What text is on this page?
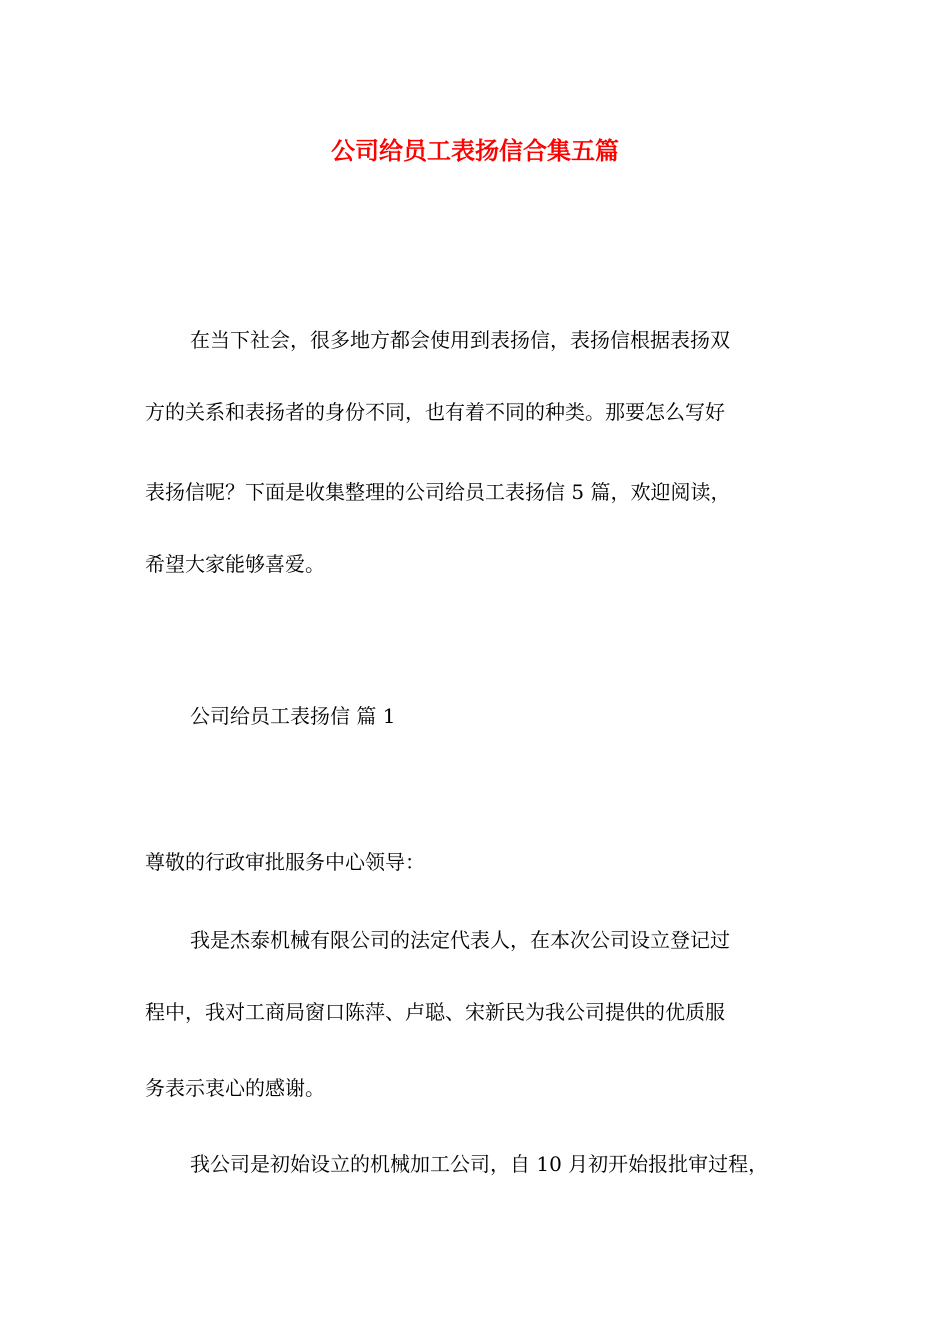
公司给员工表扬信合集五篇

在当下社会，很多地方都会使用到表扬信，表扬信根据表扬双

方的关系和表扬者的身份不同，也有着不同的种类。那要怎么写好

表扬信呢？下面是收集整理的公司给员工表扬信 5 篇，欢迎阅读，

希望大家能够喜爱。

公司给员工表扬信 篇 1

尊敬的行政审批服务中心领导：

我是杰泰机械有限公司的法定代表人，在本次公司设立登记过

程中，我对工商局窗口陈萍、卢聪、宋新民为我公司提供的优质服

务表示衷心的感谢。

我公司是初始设立的机械加工公司，自 10 月初开始报批审过程，
